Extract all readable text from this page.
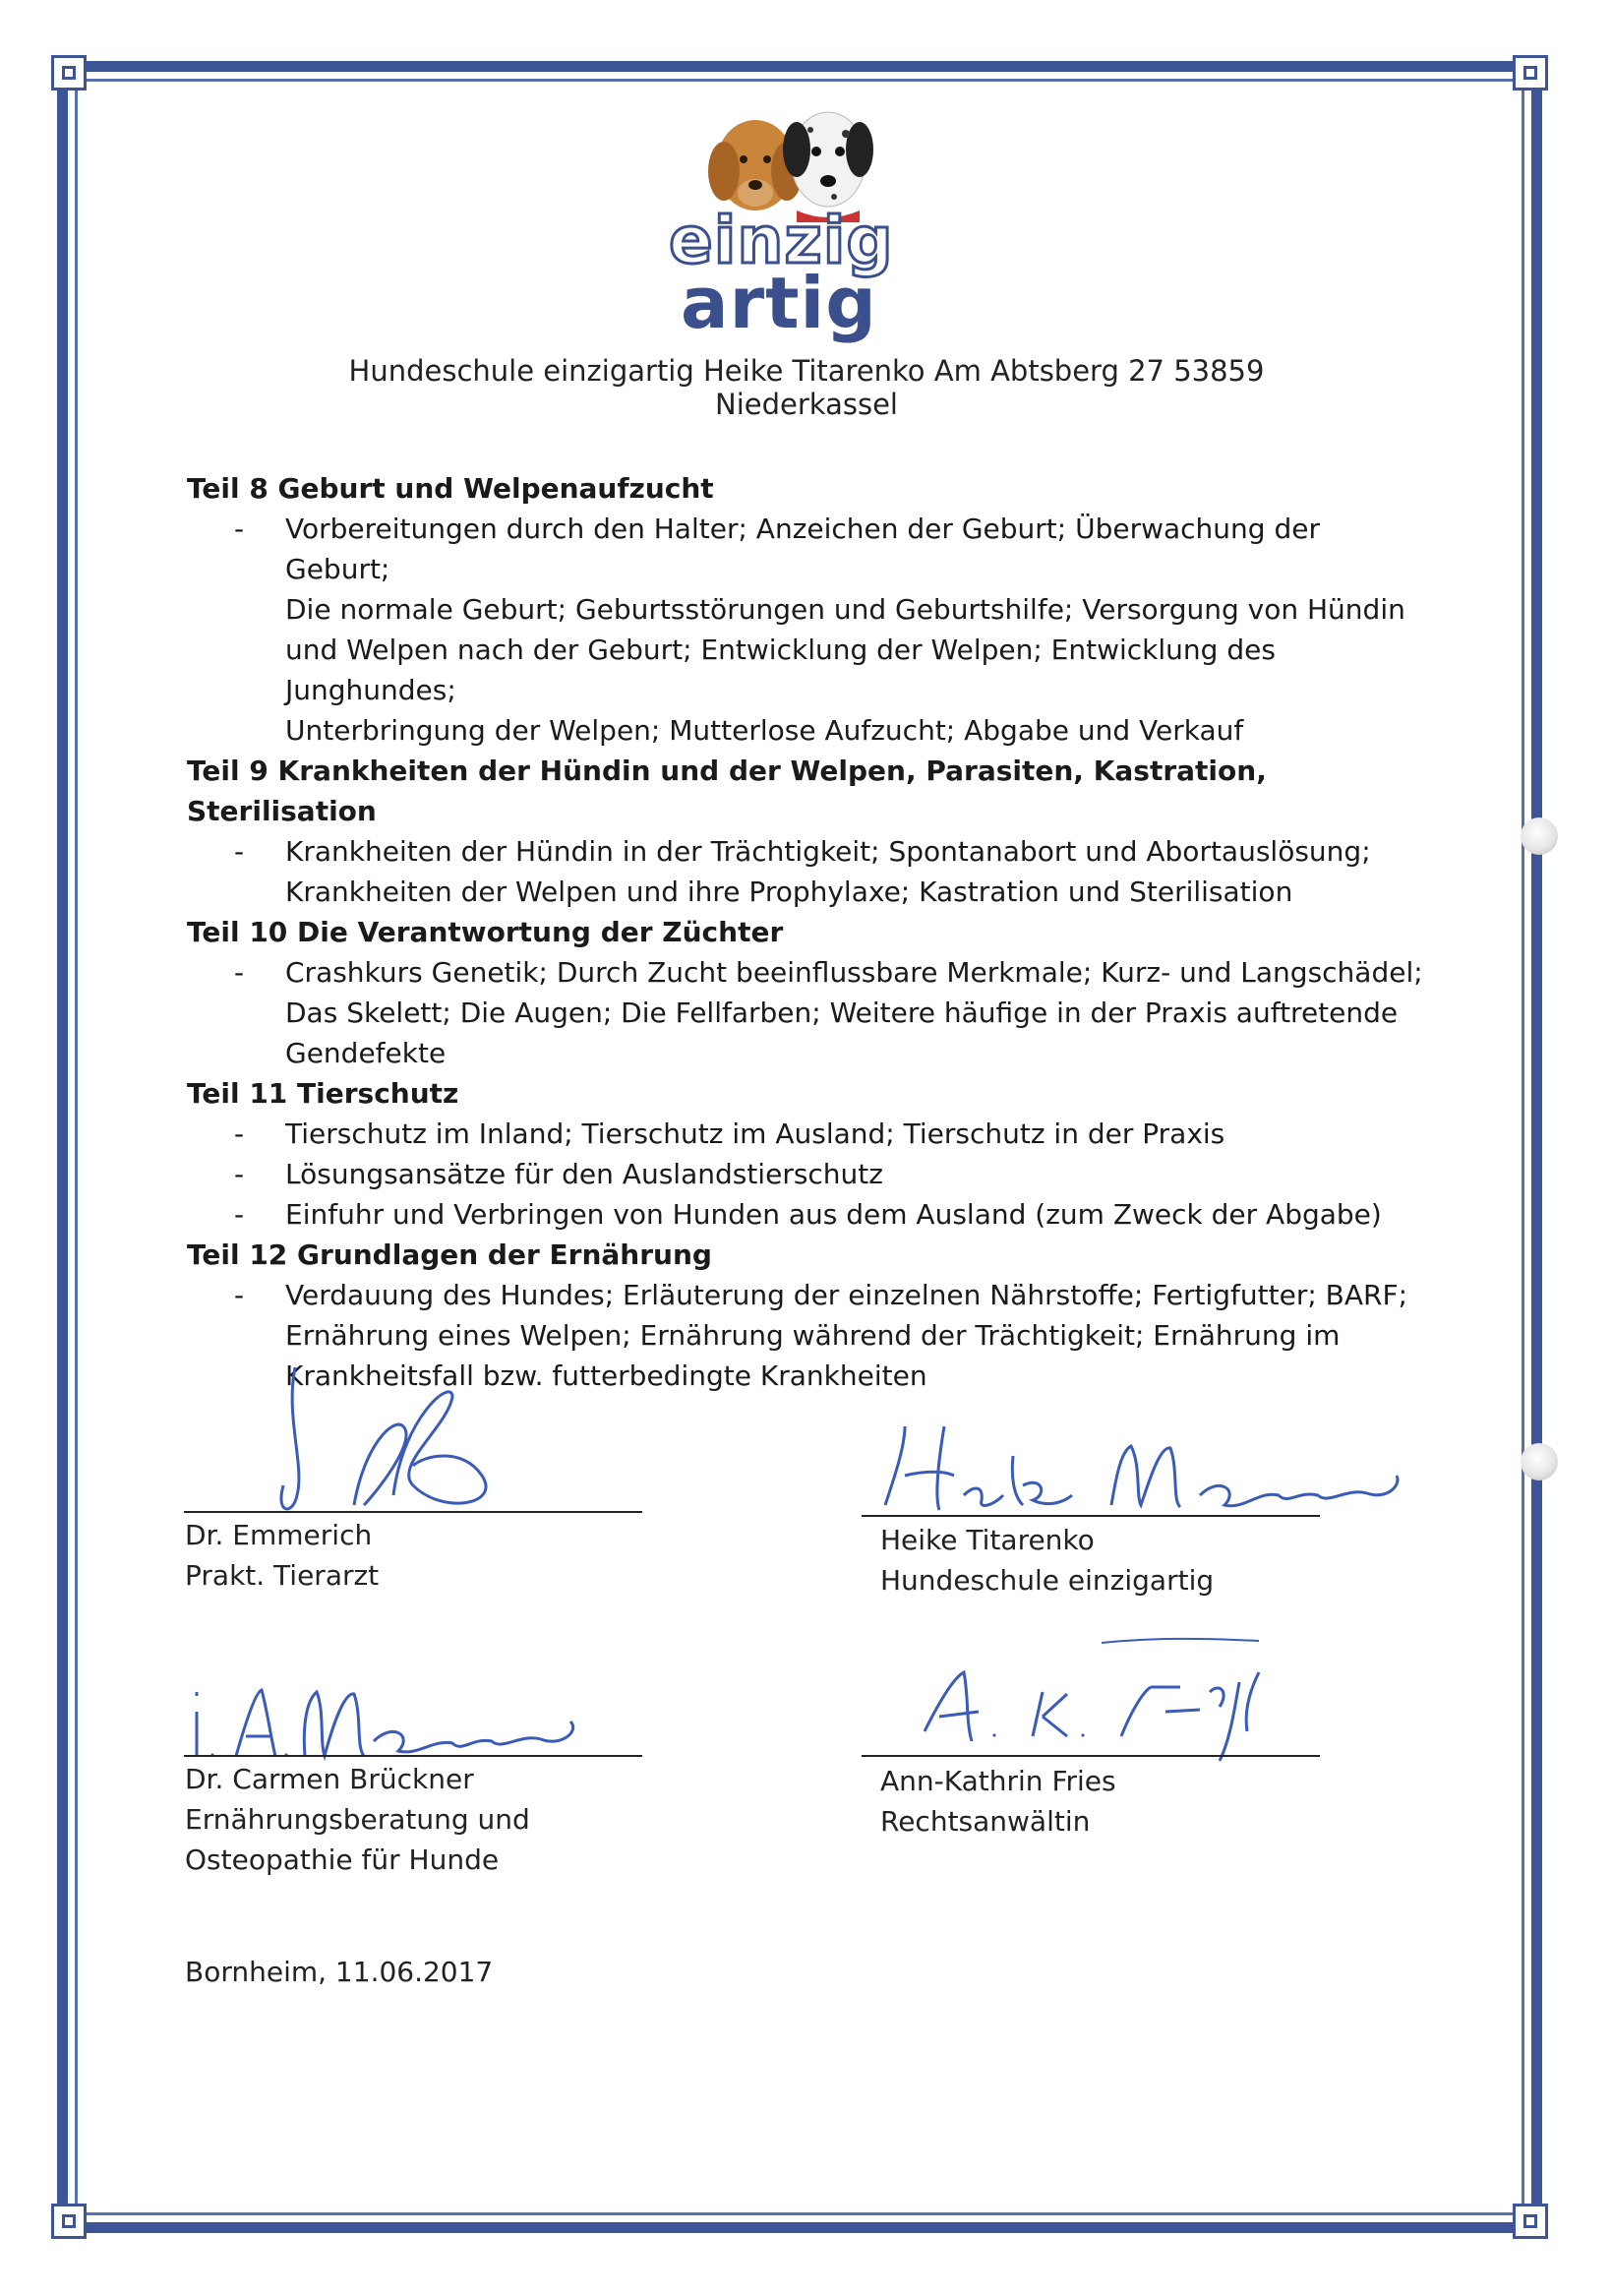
einzig
artig
Hundeschule einzigartig Heike Titarenko Am Abtsberg 27 53859 Niederkassel

Teil 8 Geburt und Welpenaufzucht

- Vorbereitungen durch den Halter; Anzeichen der Geburt; Überwachung der Geburt;
Die normale Geburt; Geburtsstörungen und Geburtshilfe; Versorgung von Hündin
und Welpen nach der Geburt; Entwicklung der Welpen; Entwicklung des Junghundes;
Unterbringung der Welpen; Mutterlose Aufzucht; Abgabe und Verkauf

Teil 9 Krankheiten der Hündin und der Welpen, Parasiten, Kastration, Sterilisation

- Krankheiten der Hündin in der Trächtigkeit; Spontanabort und Abortauslösung;
Krankheiten der Welpen und ihre Prophylaxe; Kastration und Sterilisation

Teil 10 Die Verantwortung der Züchter

- Crashkurs Genetik; Durch Zucht beeinflussbare Merkmale; Kurz- und Langschädel;
Das Skelett; Die Augen; Die Fellfarben; Weitere häufige in der Praxis auftretende
Gendefekte

Teil 11 Tierschutz

- Tierschutz im Inland; Tierschutz im Ausland; Tierschutz in der Praxis
- Lösungsansätze für den Auslandstierschutz
- Einfuhr und Verbringen von Hunden aus dem Ausland (zum Zweck der Abgabe)

Teil 12 Grundlagen der Ernährung

- Verdauung des Hundes; Erläuterung der einzelnen Nährstoffe; Fertigfutter; BARF;
Ernährung eines Welpen; Ernährung während der Trächtigkeit; Ernährung im
Krankheitsfall bzw. futterbedingte Krankheiten
Dr. Emmerich
Prakt. Tierarzt
Heike Titarenko
Hundeschule einzigartig
Dr. Carmen Brückner
Ernährungsberatung und
Osteopathie für Hunde
Ann-Kathrin Fries
Rechtsanwältin
Bornheim, 11.06.2017
